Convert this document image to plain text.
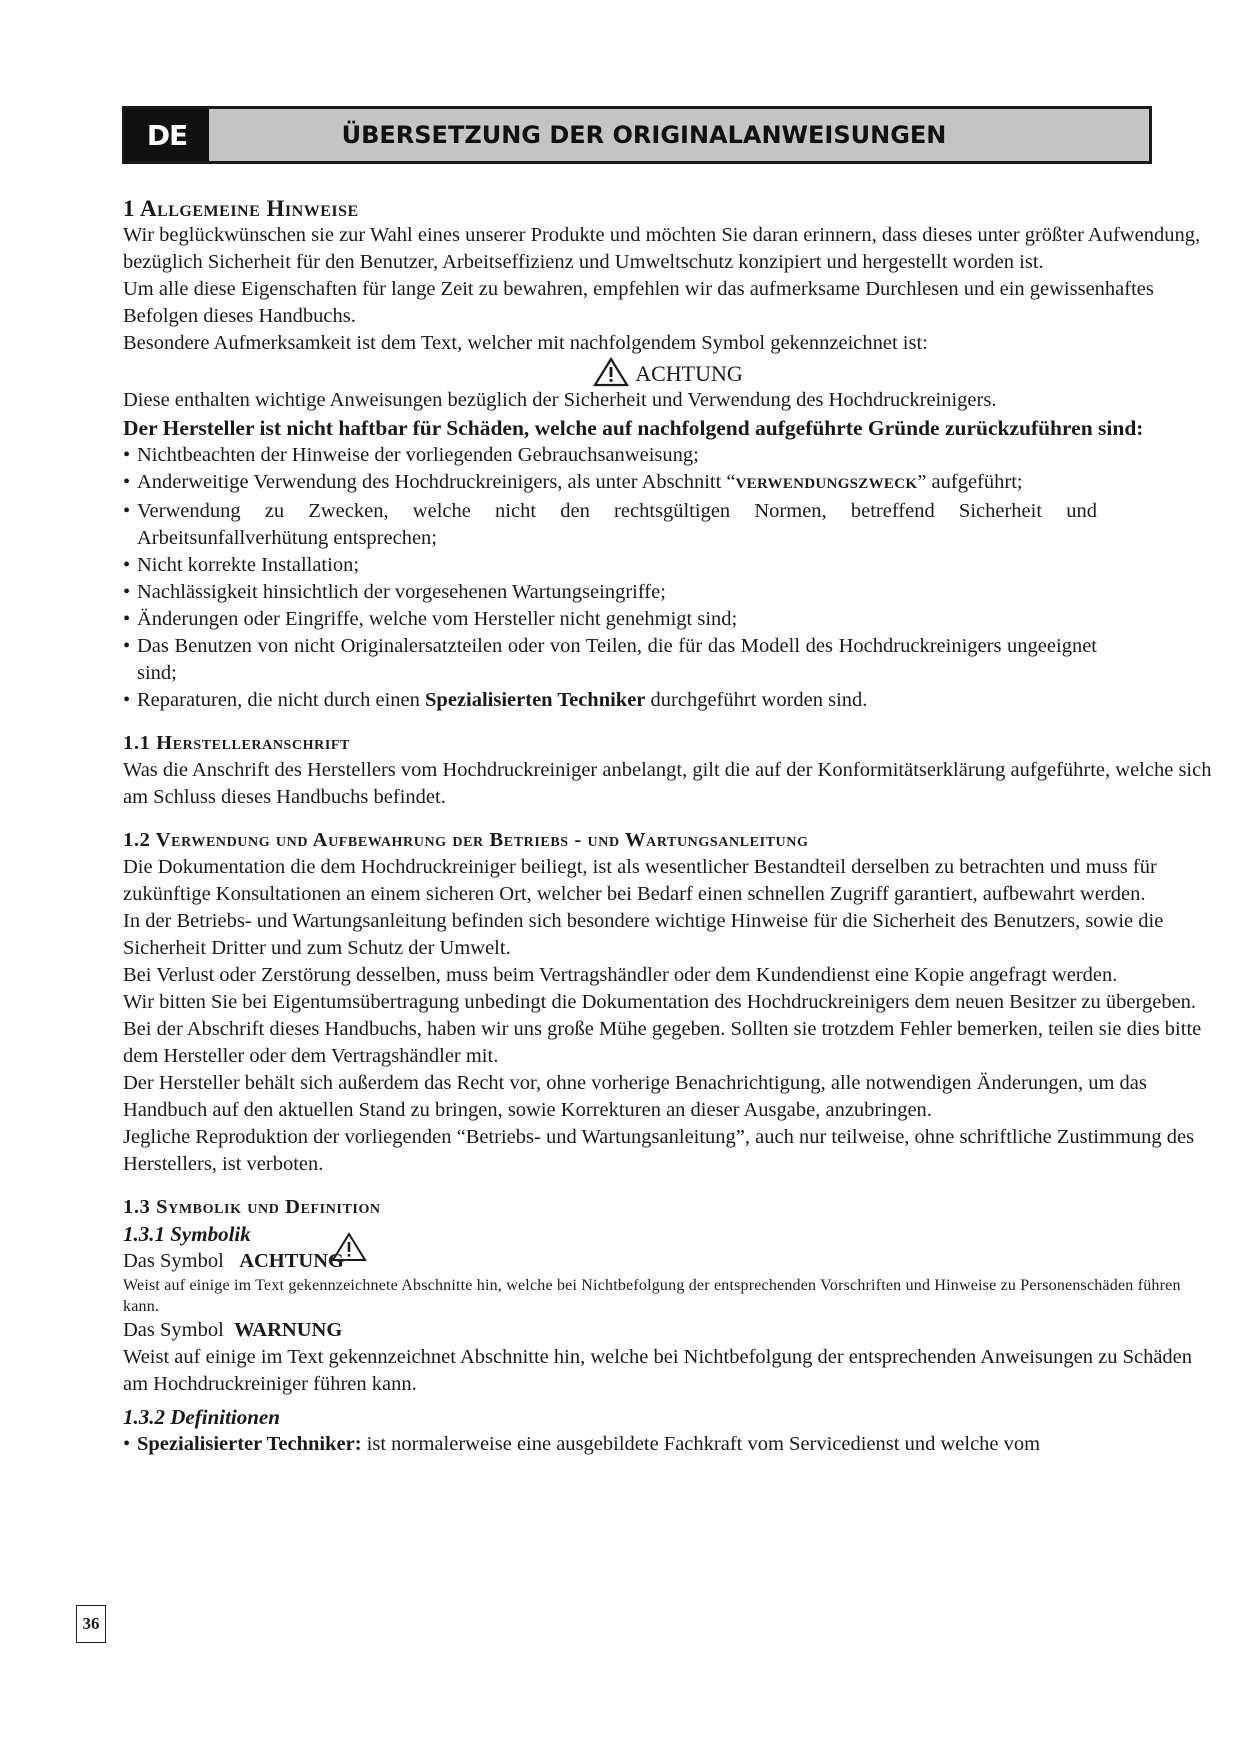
DE	ÜBERSETZUNG DER ORIGINALANWEISUNGEN

1 Allgemeine Hinweise

Wir beglückwünschen sie zur Wahl eines unserer Produkte und möchten Sie daran erinnern, dass dieses unter größter Aufwendung, bezüglich Sicherheit für den Benutzer, Arbeitseffizienz und Umweltschutz konzipiert und hergestellt worden ist.

Um alle diese Eigenschaften für lange Zeit zu bewahren, empfehlen wir das aufmerksame Durchlesen und ein gewissenhaftes Befolgen dieses Handbuchs.

Besondere Aufmerksamkeit ist dem Text, welcher mit nachfolgendem Symbol gekennzeichnet ist:

ACHTUNG

Diese enthalten wichtige Anweisungen bezüglich der Sicherheit und Verwendung des Hochdruckreinigers.

Der Hersteller ist nicht haftbar für Schäden, welche auf nachfolgend aufgeführte Gründe zurückzuführen sind:

• Nichtbeachten der Hinweise der vorliegenden Gebrauchsanweisung;
• Anderweitige Verwendung des Hochdruckreinigers, als unter Abschnitt “VERWENDUNGSZWECK” aufgeführt;
• Verwendung zu Zwecken, welche nicht den rechtsgültigen Normen, betreffend Sicherheit und Arbeitsunfallverhütung entsprechen;
• Nicht korrekte Installation;
• Nachlässigkeit hinsichtlich der vorgesehenen Wartungseingriffe;
• Änderungen oder Eingriffe, welche vom Hersteller nicht genehmigt sind;
• Das Benutzen von nicht Originalersatzteilen oder von Teilen, die für das Modell des Hochdruckreinigers ungeeignet sind;
• Reparaturen, die nicht durch einen Spezialisierten Techniker durchgeführt worden sind.

1.1 Herstelleranschrift

Was die Anschrift des Herstellers vom Hochdruckreiniger anbelangt, gilt die auf der Konformitätserklärung aufgeführte, welche sich am Schluss dieses Handbuchs befindet.

1.2 Verwendung und Aufbewahrung der Betriebs - und Wartungsanleitung

Die Dokumentation die dem Hochdruckreiniger beiliegt, ist als wesentlicher Bestandteil derselben zu betrachten und muss für zukünftige Konsultationen an einem sicheren Ort, welcher bei Bedarf einen schnellen Zugriff garantiert, aufbewahrt werden.

In der Betriebs- und Wartungsanleitung befinden sich besondere wichtige Hinweise für die Sicherheit des Benutzers, sowie die Sicherheit Dritter und zum Schutz der Umwelt.

Bei Verlust oder Zerstörung desselben, muss beim Vertragshändler oder dem Kundendienst eine Kopie angefragt werden.

Wir bitten Sie bei Eigentumsübertragung unbedingt die Dokumentation des Hochdruckreinigers dem neuen Besitzer zu übergeben.

Bei der Abschrift dieses Handbuchs, haben wir uns große Mühe gegeben. Sollten sie trotzdem Fehler bemerken, teilen sie dies bitte dem Hersteller oder dem Vertragshändler mit.

Der Hersteller behält sich außerdem das Recht vor, ohne vorherige Benachrichtigung, alle notwendigen Änderungen, um das Handbuch auf den aktuellen Stand zu bringen, sowie Korrekturen an dieser Ausgabe, anzubringen.

Jegliche Reproduktion der vorliegenden “Betriebs- und Wartungsanleitung”, auch nur teilweise, ohne schriftliche Zustimmung des Herstellers, ist verboten.

1.3 Symbolik und Definition

1.3.1 Symbolik

Das Symbol ACHTUNG

Weist auf einige im Text gekennzeichnete Abschnitte hin, welche bei Nichtbefolgung der entsprechenden Vorschriften und Hinweise zu Personenschäden führen kann.

Das Symbol WARNUNG

Weist auf einige im Text gekennzeichnet Abschnitte hin, welche bei Nichtbefolgung der entsprechenden Anweisungen zu Schäden am Hochdruckreiniger führen kann.

1.3.2 Definitionen

• Spezialisierter Techniker: ist normalerweise eine ausgebildete Fachkraft vom Servicedienst und welche vom
36
